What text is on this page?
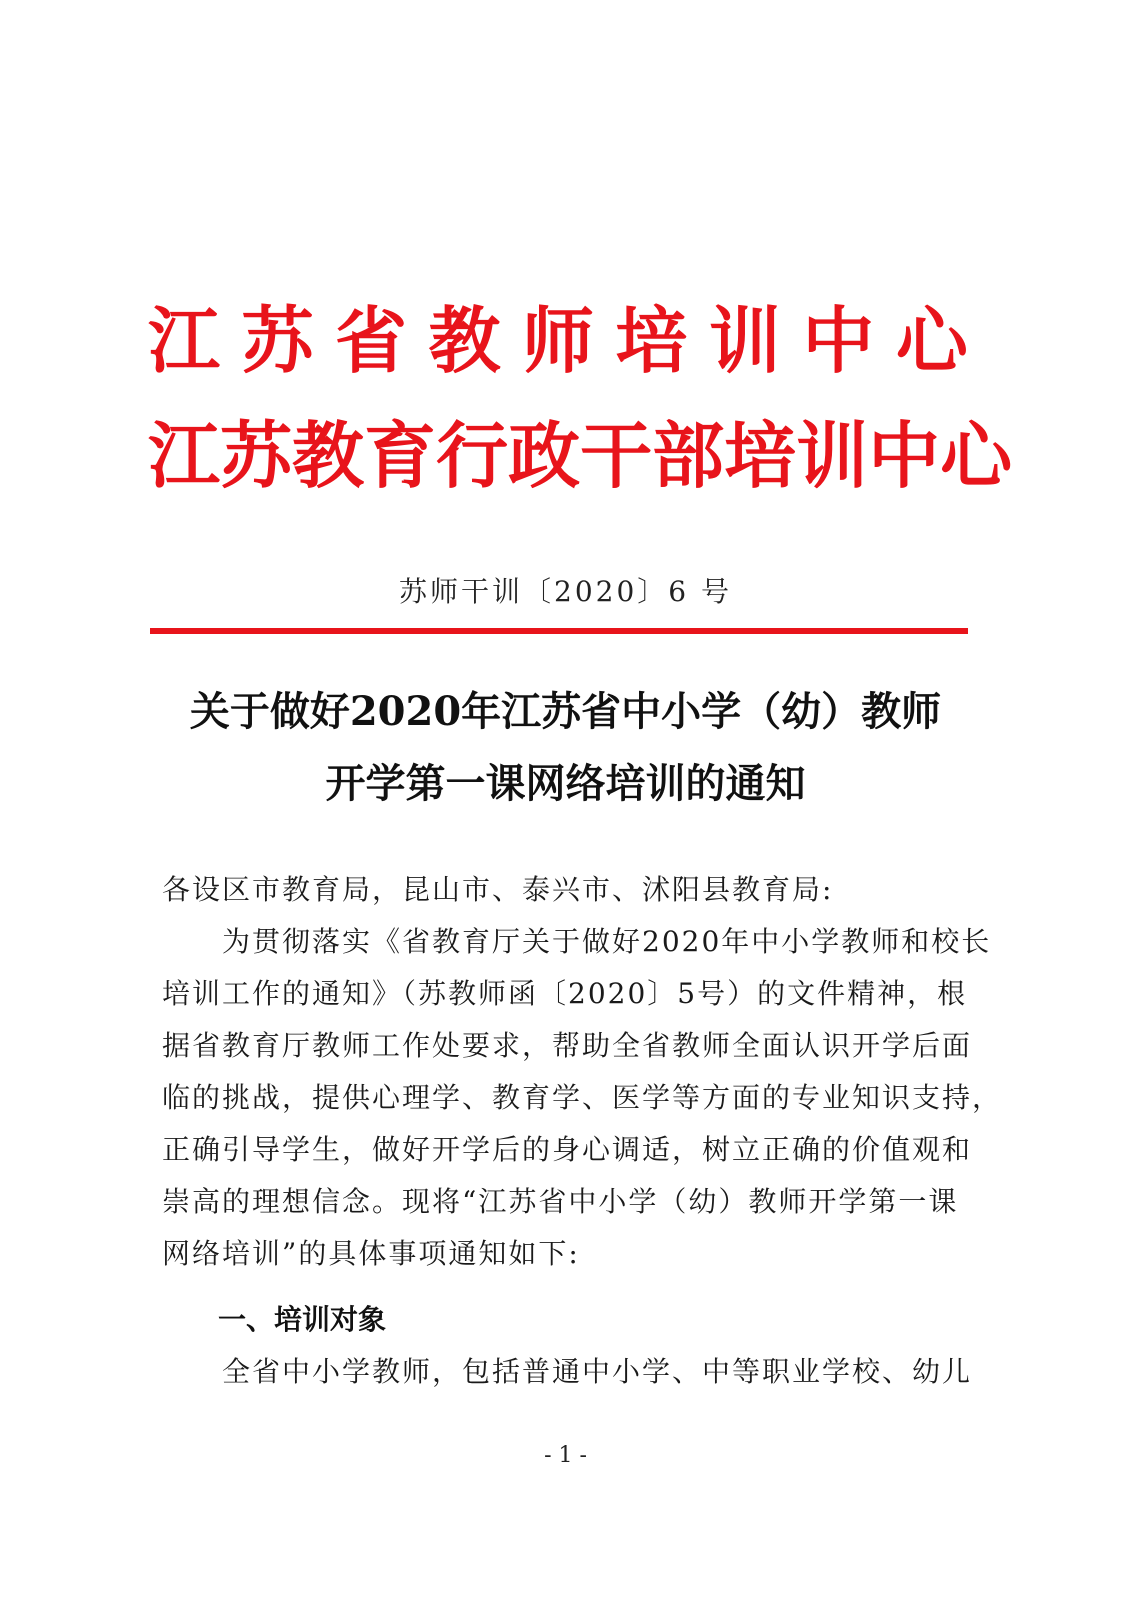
江 苏 省 教 师 培 训 中 心
江 苏 教 育 行 政 干 部 培 训 中 心
苏师干训〔2020〕6 号
关于做好2020年江苏省中小学（幼）教师
开学第一课网络培训的通知
各设区市教育局，昆山市、泰兴市、沭阳县教育局:
　　为贯彻落实《省教育厅关于做好2020年中小学教师和校长
培训工作的通知》（苏教师函〔2020〕5号）的文件精神，根
据省教育厅教师工作处要求，帮助全省教师全面认识开学后面
临的挑战，提供心理学、教育学、医学等方面的专业知识支持，
正确引导学生，做好开学后的身心调适，树立正确的价值观和
崇高的理想信念。现将“江苏省中小学（幼）教师开学第一课
网络培训”的具体事项通知如下:
一、培训对象
　　全省中小学教师，包括普通中小学、中等职业学校、幼儿
- 1 -
